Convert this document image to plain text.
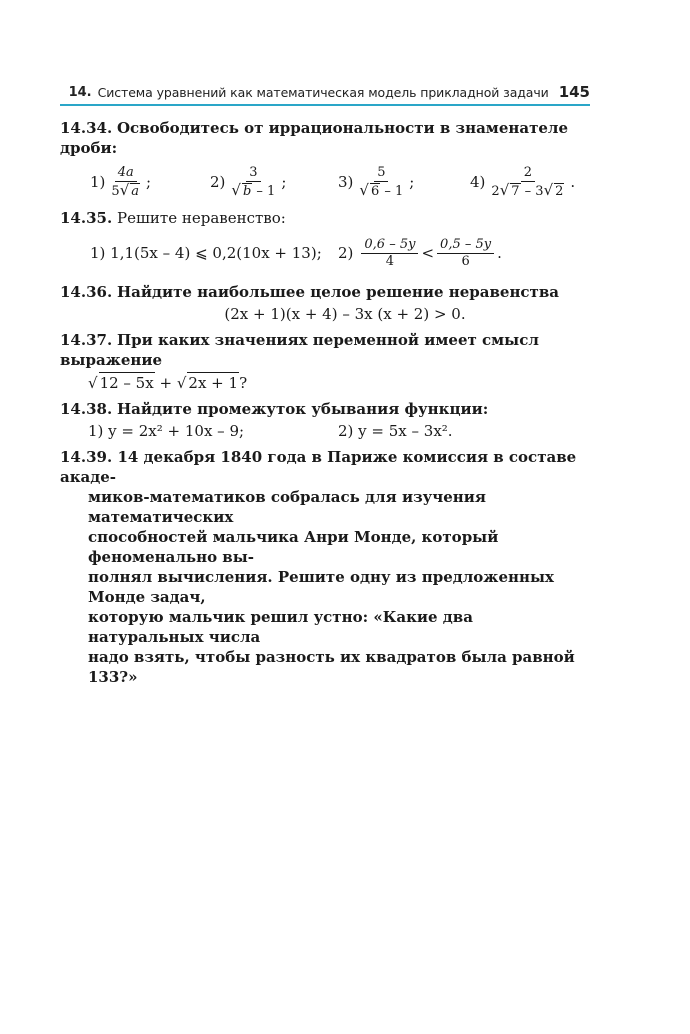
14. Система уравнений как математическая модель прикладной задачи 145
14.34. Освободитесь от иррациональности в знаменателе дроби:
$1) \frac{4a}{5√ a}$ ;	$2) \frac{3}{√ b - 1}$ ;	$3) \frac{5}{√ 6 - 1}$ ;	$4) \frac{2}{2√ 7 - 3√ 2}$ .
14.35. Решите неравенство:
1) 1,1(5x – 4) ⩽ 0,2(10x + 13);	$2) \frac{0,6 - 5y}{4} < \frac{0,5 - 5y}{6}$ .
14.36. Найдите наибольшее целое решение неравенства
(2x + 1)(x + 4) – 3x (x + 2) > 0.
14.37. При каких значениях переменной имеет смысл выражение
√ 12 – 5x + √ 2x + 1?
14.38. Найдите промежуток убывания функции:
1) y = 2x² + 10x – 9;	2) y = 5x – 3x².
14.39. 14 декабря 1840 года в Париже комиссия в составе акаде-
миков-математиков собралась для изучения математических
способностей мальчика Анри Монде, который феноменально вы-
полнял вычисления. Решите одну из предложенных Монде задач,
которую мальчик решил устно: «Какие два натуральных числа
надо взять, чтобы разность их квадратов была равной 133?»
